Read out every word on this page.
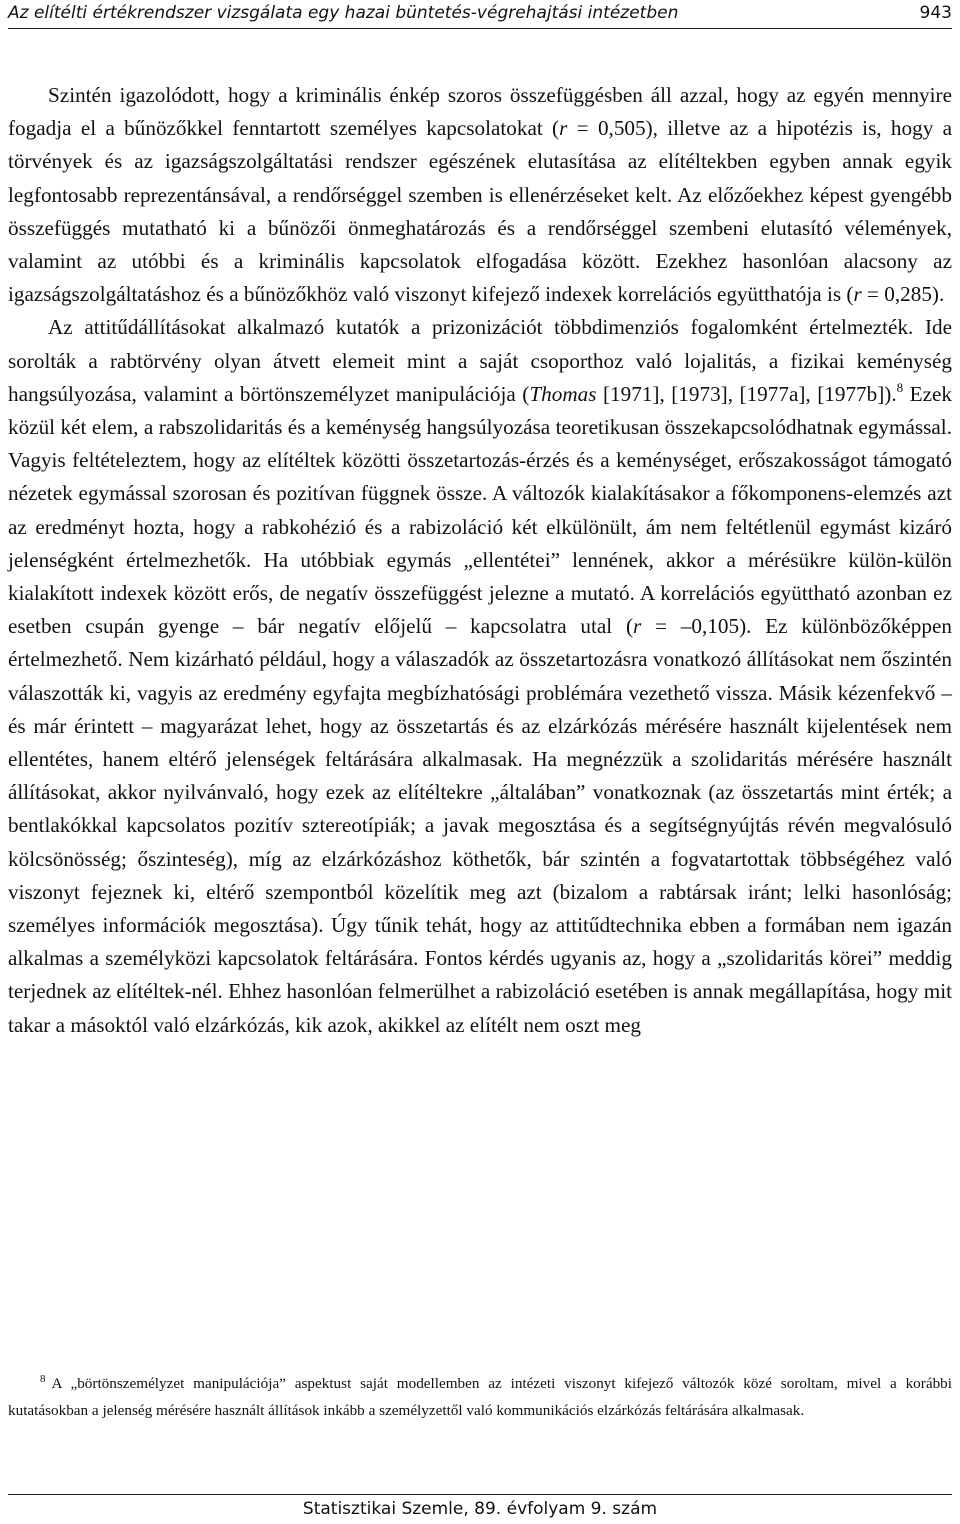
Az elítélti értékrendszer vizsgálata egy hazai büntetés-végrehajtási intézetben	943

Szintén igazolódott, hogy a kriminális énkép szoros összefüggésben áll azzal, hogy az egyén mennyire fogadja el a bűnözőkkel fenntartott személyes kapcsolatokat (r = 0,505), illetve az a hipotézis is, hogy a törvények és az igazságszolgáltatási rendszer egészének elutasítása az elítéltekben egyben annak egyik legfontosabb reprezentánsával, a rendőrséggel szemben is ellenérzéseket kelt. Az előzőekhez képest gyengébb összefüggés mutatható ki a bűnözői önmeghatározás és a rendőrséggel szembeni elutasító vélemények, valamint az utóbbi és a kriminális kapcsolatok elfogadása között. Ezekhez hasonlóan alacsony az igazságszolgáltatáshoz és a bűnözőkhöz való viszonyt kifejező indexek korrelációs együtthatója is (r = 0,285).

Az attitűdállításokat alkalmazó kutatók a prizonizációt többdimenziós fogalomként értelmezték. Ide sorolták a rabtörvény olyan átvett elemeit mint a saját csoporthoz való lojalitás, a fizikai keménység hangsúlyozása, valamint a börtönszemélyzet manipulációja (Thomas [1971], [1973], [1977a], [1977b]).$^8$ Ezek közül két elem, a rabszolidaritás és a keménység hangsúlyozása teoretikusan összekapcsolódhatnak egymással. Vagyis feltételeztem, hogy az elítéltek közötti összetartozás-érzés és a keménységet, erőszakosságot támogató nézetek egymással szorosan és pozitívan függnek össze. A változók kialakításakor a főkomponens-elemzés azt az eredményt hozta, hogy a rabkohézió és a rabizoláció két elkülönült, ám nem feltétlenül egymást kizáró jelenségként értelmezhetők. Ha utóbbiak egymás „ellentétei” lennének, akkor a mérésükre külön-külön kialakított indexek között erős, de negatív összefüggést jelezne a mutató. A korrelációs együttható azonban ez esetben csupán gyenge – bár negatív előjelű – kapcsolatra utal (r = –0,105). Ez különbözőképpen értelmezhető. Nem kizárható például, hogy a válaszadók az összetartozásra vonatkozó állításokat nem őszintén válaszották ki, vagyis az eredmény egyfajta megbízhatósági problémára vezethető vissza. Másik kézenfekvő – és már érintett – magyarázat lehet, hogy az összetartás és az elzárkózás mérésére használt kijelentések nem ellentétes, hanem eltérő jelenségek feltárására alkalmasak. Ha megnézzük a szolidaritás mérésére használt állításokat, akkor nyilvánvaló, hogy ezek az elítéltekre „általában” vonatkoznak (az összetartás mint érték; a bentlakókkal kapcsolatos pozitív sztereotípiák; a javak megosztása és a segítségnyújtás révén megvalósuló kölcsönösség; őszinteség), míg az elzárkózáshoz köthetők, bár szintén a fogvatartottak többségéhez való viszonyt fejeznek ki, eltérő szempontból közelítik meg azt (bizalom a rabtársak iránt; lelki hasonlóság; személyes információk megosztása). Úgy tűnik tehát, hogy az attitűdtechnika ebben a formában nem igazán alkalmas a személyközi kapcsolatok feltárására. Fontos kérdés ugyanis az, hogy a „szolidaritás körei” meddig terjednek az elítéltek-nél. Ehhez hasonlóan felmerülhet a rabizoláció esetében is annak megállapítása, hogy mit takar a másoktól való elzárkózás, kik azok, akikkel az elítélt nem oszt meg

$^8$ A „börtönszemélyzet manipulációja” aspektust saját modellemben az intézeti viszonyt kifejező változók közé soroltam, mivel a korábbi kutatásokban a jelenség mérésére használt állítások inkább a személyzettől való kommunikációs elzárkózás feltárására alkalmasak.
Statisztikai Szemle, 89. évfolyam 9. szám
